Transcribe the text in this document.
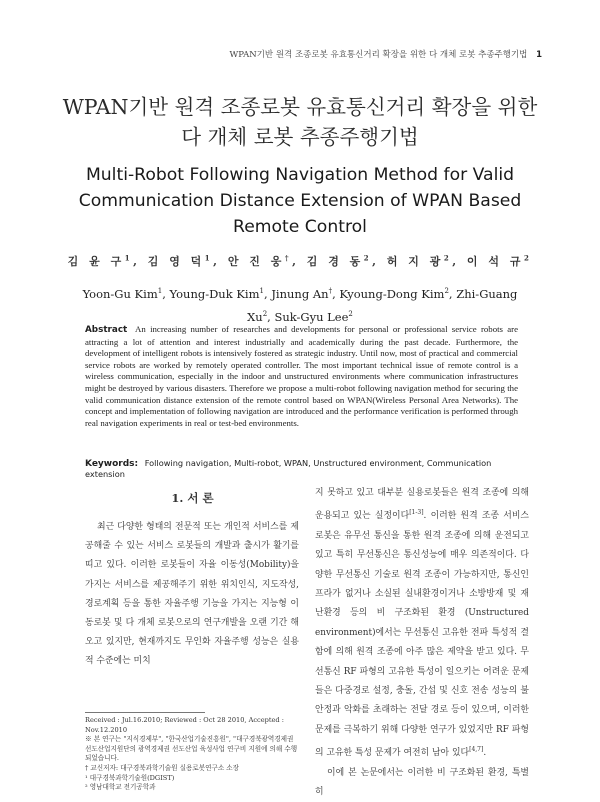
WPAN기반 원격 조종로봇 유효통신거리 확장을 위한 다 개체 로봇 추종주행기법 1
WPAN기반 원격 조종로봇 유효통신거리 확장을 위한
다 개체 로봇 추종주행기법
Multi-Robot Following Navigation Method for Valid
Communication Distance Extension of WPAN Based
Remote Control
김 윤 구$^1$, 김 영 덕$^1$, 안 진 웅†, 김 경 동$^2$, 허 지 광$^2$, 이 석 규$^2$
Yoon-Gu Kim$^1$, Young-Duk Kim$^1$, Jinung An†, Kyoung-Dong Kim$^2$, Zhi-Guang Xu$^2$, Suk-Gyu Lee$^2$
Abstract An increasing number of researches and developments for personal or professional service robots are attracting a lot of attention and interest industrially and academically during the past decade. Furthermore, the development of intelligent robots is intensively fostered as strategic industry. Until now, most of practical and commercial service robots are worked by remotely operated controller. The most important technical issue of remote control is a wireless communication, especially in the indoor and unstructured environments where communication infrastructures might be destroyed by various disasters. Therefore we propose a multi-robot following navigation method for securing the valid communication distance extension of the remote control based on WPAN(Wireless Personal Area Networks). The concept and implementation of following navigation are introduced and the performance verification is performed through real navigation experiments in real or test-bed environments.
Keywords: Following navigation, Multi-robot, WPAN, Unstructured environment, Communication extension
1. 서 론
최근 다양한 형태의 전문적 또는 개인적 서비스를 제공해줄 수 있는 서비스 로봇들의 개발과 출시가 활기를 띠고 있다. 이러한 로봇들이 자율 이동성(Mobility)을 가지는 서비스를 제공해주기 위한 위치인식, 지도작성, 경로계획 등을 통한 자율주행 기능을 가지는 지능형 이동로봇 및 다 개체 로봇으로의 연구개발을 오랜 기간 해오고 있지만, 현재까지도 무인화 자율주행 성능은 실용적 수준에는 미치

지 못하고 있고 대부분 실용로봇들은 원격 조종에 의해 운용되고 있는 실정이다[1-3]. 이러한 원격 조종 서비스 로봇은 유무선 통신을 통한 원격 조종에 의해 운전되고 있고 특히 무선통신은 통신성능에 매우 의존적이다. 다양한 무선통신 기술로 원격 조종이 가능하지만, 통신인프라가 없거나 소실된 실내환경이거나 소방방재 및 재난환경 등의 비 구조화된 환경 (Unstructured environment)에서는 무선통신 고유한 전파 특성적 결함에 의해 원격 조종에 아주 많은 제약을 받고 있다. 무선통신 RF 파형의 고유한 특성이 일으키는 어려운 문제들은 다중경로 설정, 충돌, 간섭 및 신호 전송 성능의 불안정과 악화를 초래하는 전달 경로 등이 있으며, 이러한 문제를 극복하기 위해 다양한 연구가 있었지만 RF 파형의 고유한 특성 문제가 여전히 남아 있다[4,7].

이에 본 논문에서는 이러한 비 구조화된 환경, 특별히

Received : Jul.16.2010; Reviewed : Oct 28 2010, Accepted : Nov.12.2010

※ 본 연구는 "지식경제부", "한국산업기술진흥원", "대구경북광역경제권 선도산업지원단의 광역경제권 선도산업 육성사업 연구비 지원에 의해 수행되었습니다.

† 교신저자: 대구경북과학기술원 실용로봇연구소 소장

¹ 대구경북과학기술원(DGIST)

² 영남대학교 전기공학과
